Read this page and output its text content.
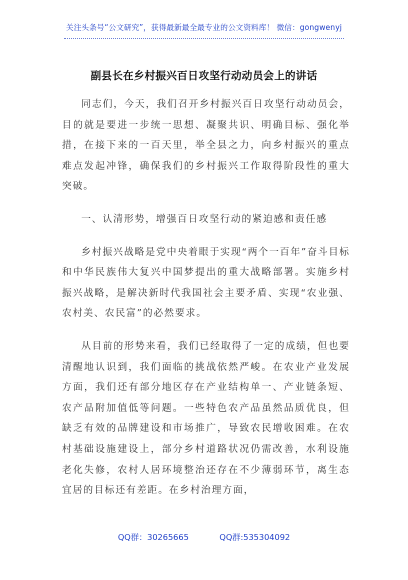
关注头条号“公文研究”，获得最新最全最专业的公文资料库！ 微信：gongwenyj
副县长在乡村振兴百日攻坚行动动员会上的讲话

同志们，今天，我们召开乡村振兴百日攻坚行动动员会，目的就是要进一步统一思想、凝聚共识、明确目标、强化举措，在接下来的一百天里，举全县之力，向乡村振兴的重点难点发起冲锋，确保我们的乡村振兴工作取得阶段性的重大突破。

一、认清形势，增强百日攻坚行动的紧迫感和责任感

乡村振兴战略是党中央着眼于实现“两个一百年”奋斗目标和中华民族伟大复兴中国梦提出的重大战略部署。实施乡村振兴战略，是解决新时代我国社会主要矛盾、实现“农业强、农村美、农民富”的必然要求。

从目前的形势来看，我们已经取得了一定的成绩，但也要清醒地认识到，我们面临的挑战依然严峻。在农业产业发展方面，我们还有部分地区存在产业结构单一、产业链条短、农产品附加值低等问题。一些特色农产品虽然品质优良，但缺乏有效的品牌建设和市场推广，导致农民增收困难。在农村基础设施建设上，部分乡村道路状况仍需改善，水利设施老化失修，农村人居环境整治还存在不少薄弱环节，离生态宜居的目标还有差距。在乡村治理方面，

QQ群：30265665	QQ群:535304092
